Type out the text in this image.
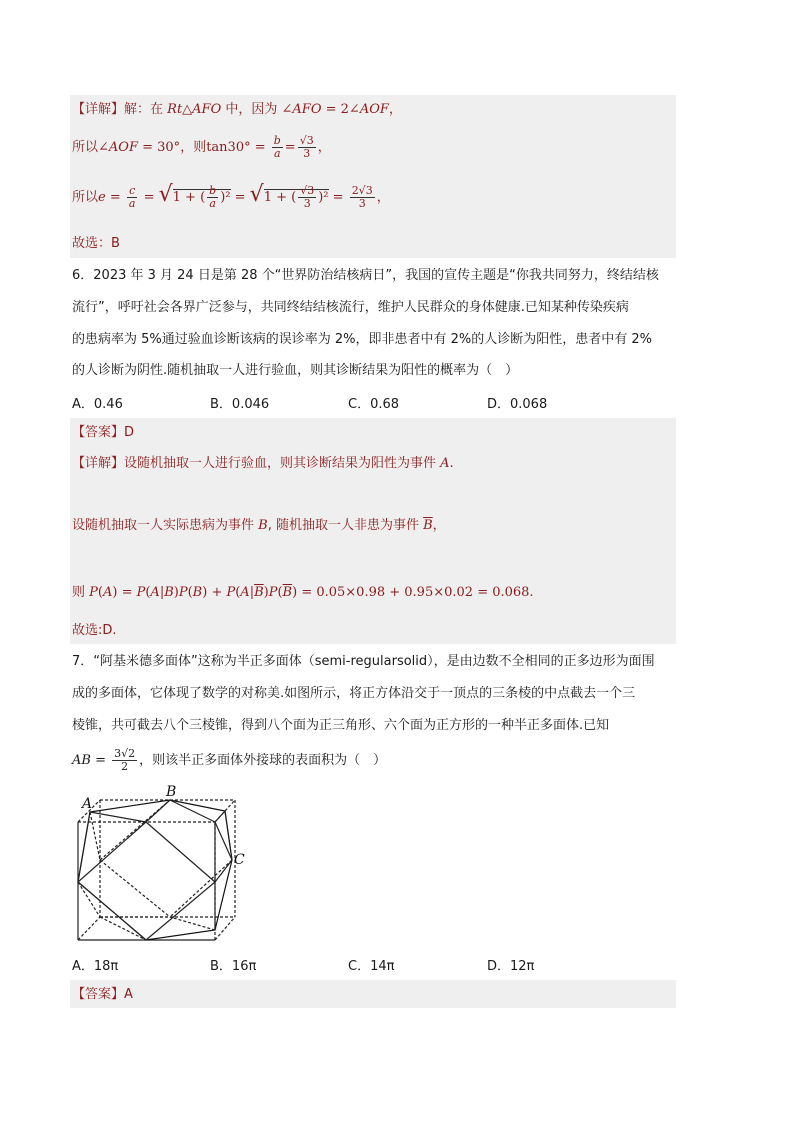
【详解】解：在 Rt△AFO 中，因为 ∠AFO = 2∠AOF，
所以∠AOF = 30°，则$\tan 30^\circ = \frac{b}{a} = \frac{√3}{3}$ ，
所以$e = \frac{c}{a} = √1$ + ( $\frac{b}{a} )^2 = √1$ + ( $\frac{√3}{3} )^2 = \frac{2√3}{3}$ ，
故选：B
6．2023 年 3 月 24 日是第 28 个“世界防治结核病日”，我国的宣传主题是“你我共同努力，终结结核
流行”，呼吁社会各界广泛参与，共同终结结核流行，维护人民群众的身体健康.已知某种传染疾病
的患病率为 5%通过验血诊断该病的误诊率为 2%，即非患者中有 2%的人诊断为阳性，患者中有 2%
的人诊断为阴性.随机抽取一人进行验血，则其诊断结果为阳性的概率为（　）
A．0.46	B．0.046	C．0.68	D．0.068
【答案】D
【详解】设随机抽取一人进行验血，则其诊断结果为阳性为事件 A.
设随机抽取一人实际患病为事件 B, 随机抽取一人非患为事件 $\overline{B}$，
则 $P(A) = P(A|B)P(B) + P(A|\overline{B})P(\overline{B}) = 0.05\times 0.98 + 0.95\times 0.02 = 0.068$.
故选:D.
7．“阿基米德多面体”这称为半正多面体（semi-regularsolid），是由边数不全相同的正多边形为面围
成的多面体，它体现了数学的对称美.如图所示，将正方体沿交于一顶点的三条棱的中点截去一个三
棱锥，共可截去八个三棱锥，得到八个面为正三角形、六个面为正方形的一种半正多面体.已知
AB = $\frac{3√2}{2}$ ，则该半正多面体外接球的表面积为（　）
A
B
C
A．18π	B．16π	C．14π	D．12π
【答案】A
